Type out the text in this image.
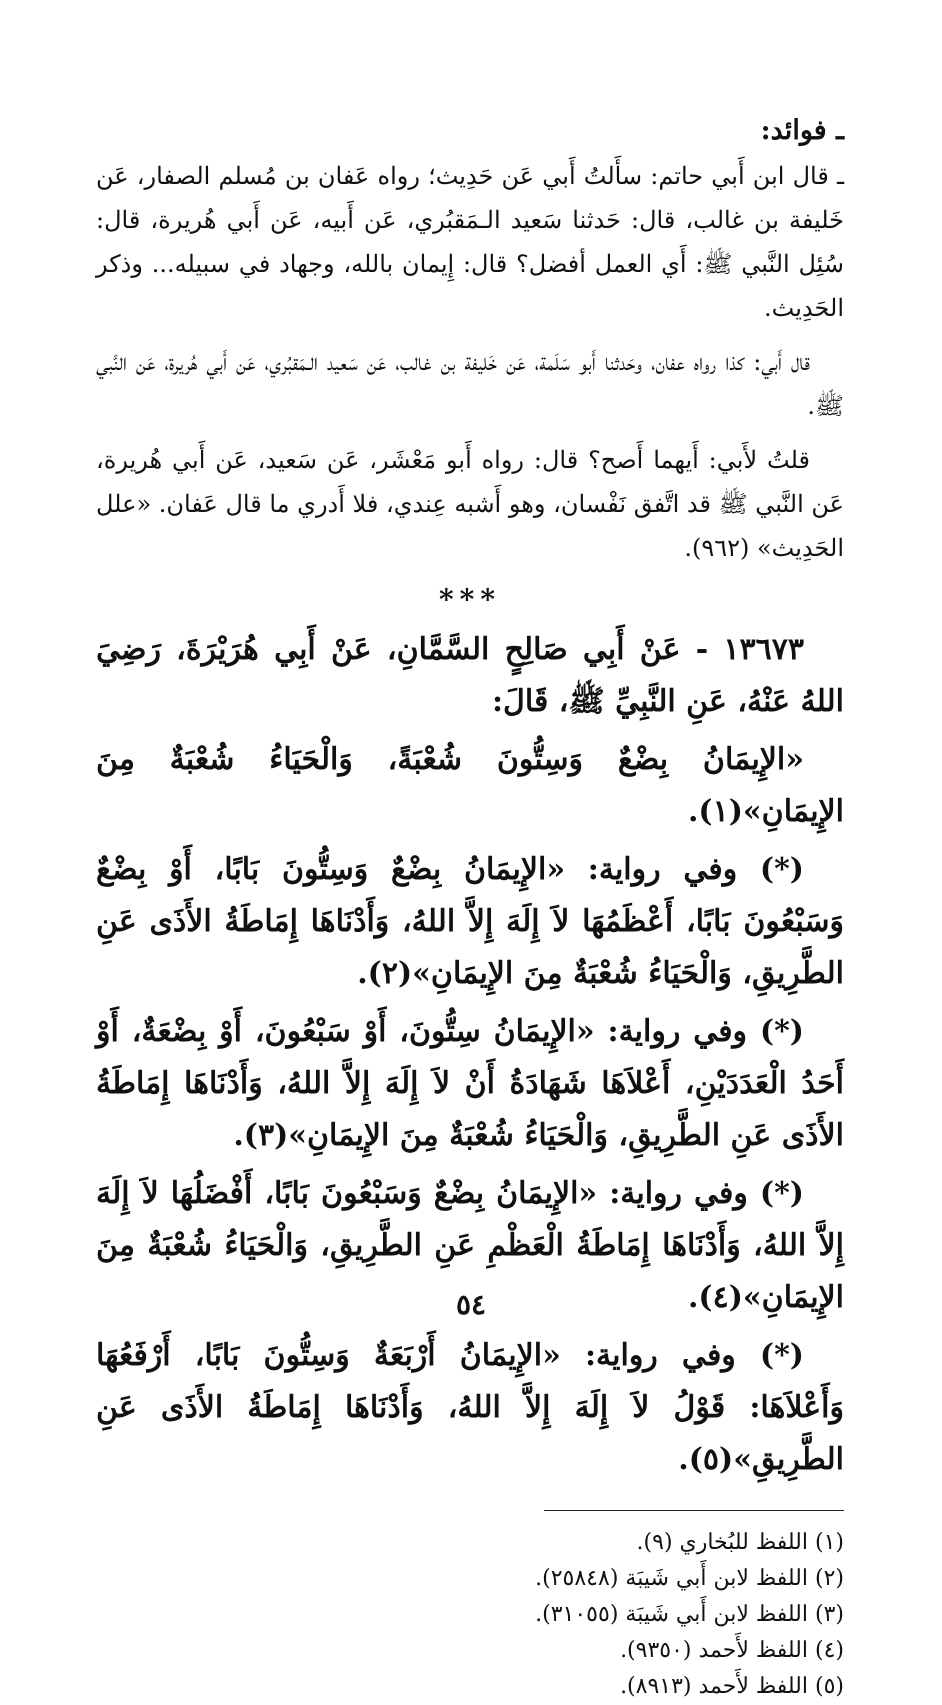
ـ فوائد:

ـ قال ابن أَبي حاتم: سأَلتُ أَبي عَن حَدِيث؛ رواه عَفان بن مُسلم الصفار، عَن خَليفة بن غالب، قال: حَدثنا سَعيد الـمَقبُري، عَن أَبيه، عَن أَبي هُريرة، قال: سُئِل النَّبي ﷺ: أَي العمل أفضل؟ قال: إِيمان بالله، وجهاد في سبيله... وذكر الحَدِيث.

قال أَبي: كذا رواه عفان، وحَدثنا أَبو سَلَمة، عَن خَليفة بن غالب، عَن سَعيد الـمَقبُري، عَن أَبي هُريرة، عَن النَّبي ﷺ.

قلتُ لأَبي: أَيهما أَصح؟ قال: رواه أَبو مَعْشَر، عَن سَعيد، عَن أَبي هُريرة، عَن النَّبي ﷺ قد اتَّفق نَفْسان، وهو أَشبه عِندي، فلا أَدري ما قال عَفان. «علل الحَدِيث» (٩٦٢).

***

١٣٦٧٣ - عَنْ أَبِي صَالِحٍ السَّمَّانِ، عَنْ أَبِي هُرَيْرَةَ، رَضِيَ اللهُ عَنْهُ، عَنِ النَّبِيِّ ﷺ، قَالَ:

«الإِيمَانُ بِضْعٌ وَسِتُّونَ شُعْبَةً، وَالْحَيَاءُ شُعْبَةٌ مِنَ الإِيمَانِ»(١).

(*) وفي رواية: «الإِيمَانُ بِضْعٌ وَسِتُّونَ بَابًا، أَوْ بِضْعٌ وَسَبْعُونَ بَابًا، أَعْظَمُهَا لاَ إِلَهَ إِلاَّ اللهُ، وَأَدْنَاهَا إِمَاطَةُ الأَذَى عَنِ الطَّرِيقِ، وَالْحَيَاءُ شُعْبَةٌ مِنَ الإِيمَانِ»(٢).

(*) وفي رواية: «الإِيمَانُ سِتُّونَ، أَوْ سَبْعُونَ، أَوْ بِضْعَةٌ، أَوْ أَحَدُ الْعَدَدَيْنِ، أَعْلاَهَا شَهَادَةُ أَنْ لاَ إِلَهَ إِلاَّ اللهُ، وَأَدْنَاهَا إِمَاطَةُ الأَذَى عَنِ الطَّرِيقِ، وَالْحَيَاءُ شُعْبَةٌ مِنَ الإِيمَانِ»(٣).

(*) وفي رواية: «الإِيمَانُ بِضْعٌ وَسَبْعُونَ بَابًا، أَفْضَلُهَا لاَ إِلَهَ إِلاَّ اللهُ، وَأَدْنَاهَا إِمَاطَةُ الْعَظْمِ عَنِ الطَّرِيقِ، وَالْحَيَاءُ شُعْبَةٌ مِنَ الإِيمَانِ»(٤).

(*) وفي رواية: «الإِيمَانُ أَرْبَعَةٌ وَسِتُّونَ بَابًا، أَرْفَعُهَا وَأَعْلاَهَا: قَوْلُ لاَ إِلَهَ إِلاَّ اللهُ، وَأَدْنَاهَا إِمَاطَةُ الأَذَى عَنِ الطَّرِيقِ»(٥).

(١) اللفظ للبُخاري (٩).

(٢) اللفظ لابن أَبي شَيبَة (٢٥٨٤٨).

(٣) اللفظ لابن أَبي شَيبَة (٣١٠٥٥).

(٤) اللفظ لأَحمد (٩٣٥٠).

(٥) اللفظ لأَحمد (٨٩١٣).

٥٤
